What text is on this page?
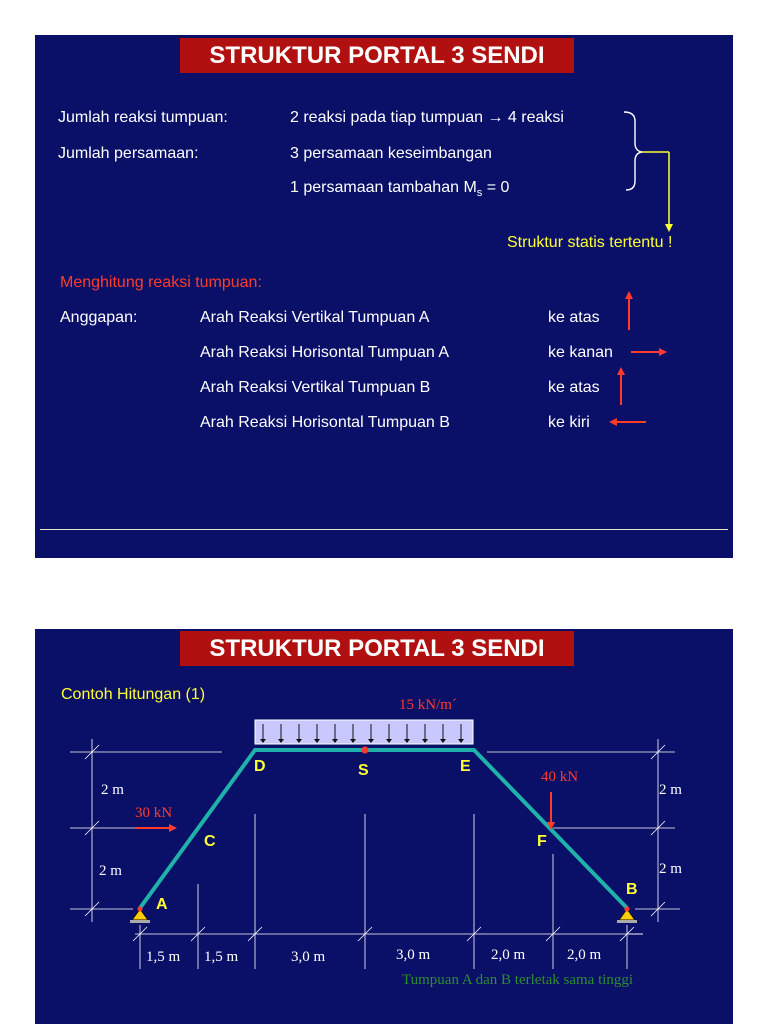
STRUKTUR PORTAL 3 SENDI
Jumlah reaksi tumpuan:	2 reaksi pada tiap tumpuan → 4 reaksi
Jumlah persamaan:	3 persamaan keseimbangan
1 persamaan tambahan $M_s = 0$
Struktur statis tertentu !
Menghitung reaksi tumpuan:
Anggapan:	Arah Reaksi Vertikal Tumpuan A	ke atas
Arah Reaksi Horisontal Tumpuan A	ke kanan
Arah Reaksi Vertikal Tumpuan B	ke atas
Arah Reaksi Horisontal Tumpuan B	ke kiri
STRUKTUR PORTAL 3 SENDI
Contoh Hitungan (1)
15 kN/m´
30 kN
40 kN
D	S	E
C	F
A
B
2 m
2 m
2 m
2 m
1,5 m 1,5 m	3,0 m	3,0 m	2,0 m	2,0 m
Tumpuan A dan B terletak sama tinggi
